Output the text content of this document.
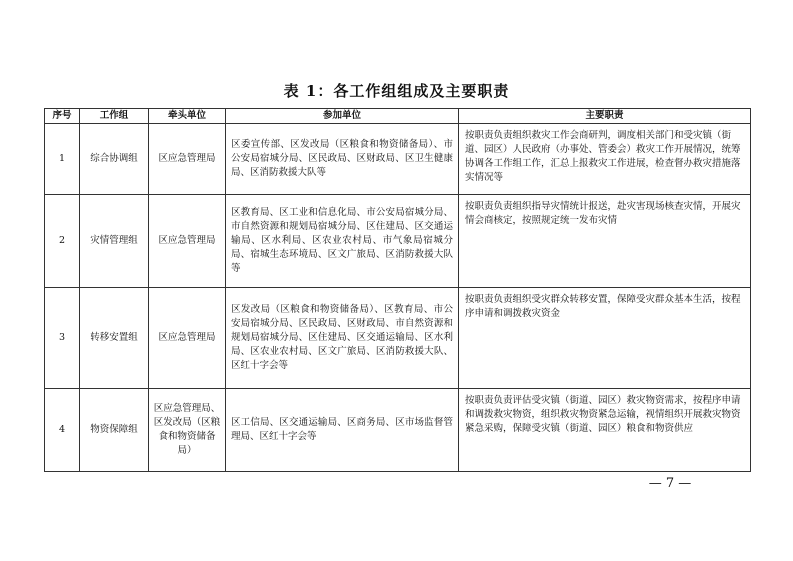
表 1：各工作组组成及主要职责
序号	工作组	牵头单位	参加单位	主要职责
1	综合协调组	区应急管理局	区委宣传部、区发改局（区粮食和物资储备局）、市公安局宿城分局、区民政局、区财政局、区卫生健康局、区消防救援大队等	按职责负责组织救灾工作会商研判，调度相关部门和受灾镇（街道、园区）人民政府（办事处、管委会）救灾工作开展情况，统筹协调各工作组工作，汇总上报救灾工作进展，检查督办救灾措施落实情况等
2	灾情管理组	区应急管理局	区教育局、区工业和信息化局、市公安局宿城分局、市自然资源和规划局宿城分局、区住建局、区交通运输局、区水利局、区农业农村局、市气象局宿城分局、宿城生态环境局、区文广旅局、区消防救援大队等	按职责负责组织指导灾情统计报送，赴灾害现场核查灾情，开展灾情会商核定，按照规定统一发布灾情
3	转移安置组	区应急管理局	区发改局（区粮食和物资储备局）、区教育局、市公安局宿城分局、区民政局、区财政局、市自然资源和规划局宿城分局、区住建局、区交通运输局、区水利局、区农业农村局、区文广旅局、区消防救援大队、区红十字会等	按职责负责组织受灾群众转移安置，保障受灾群众基本生活，按程序申请和调拨救灾资金
4	物资保障组	区应急管理局、区发改局（区粮食和物资储备局）	区工信局、区交通运输局、区商务局、区市场监督管理局、区红十字会等	按职责负责评估受灾镇（街道、园区）救灾物资需求，按程序申请和调拨救灾物资，组织救灾物资紧急运输，视情组织开展救灾物资紧急采购，保障受灾镇（街道、园区）粮食和物资供应
— 7 —
